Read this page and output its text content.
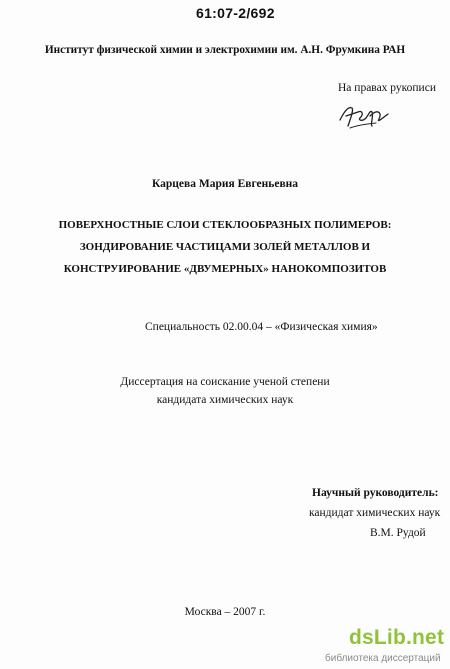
61:07-2/692
Институт физической химии и электрохимии им. А.Н. Фрумкина РАН
На правах рукописи
Карцева Мария Евгеньевна
ПОВЕРХНОСТНЫЕ СЛОИ СТЕКЛООБРАЗНЫХ ПОЛИМЕРОВ:
ЗОНДИРОВАНИЕ ЧАСТИЦАМИ ЗОЛЕЙ МЕТАЛЛОВ И
КОНСТРУИРОВАНИЕ «ДВУМЕРНЫХ» НАНОКОМПОЗИТОВ
Специальность 02.00.04 – «Физическая химия»
Диссертация на соискание ученой степени
кандидата химических наук
Научный руководитель:
кандидат химических наук
В.М. Рудой
Москва – 2007 г.
dsLib.net
библиотека диссертаций
